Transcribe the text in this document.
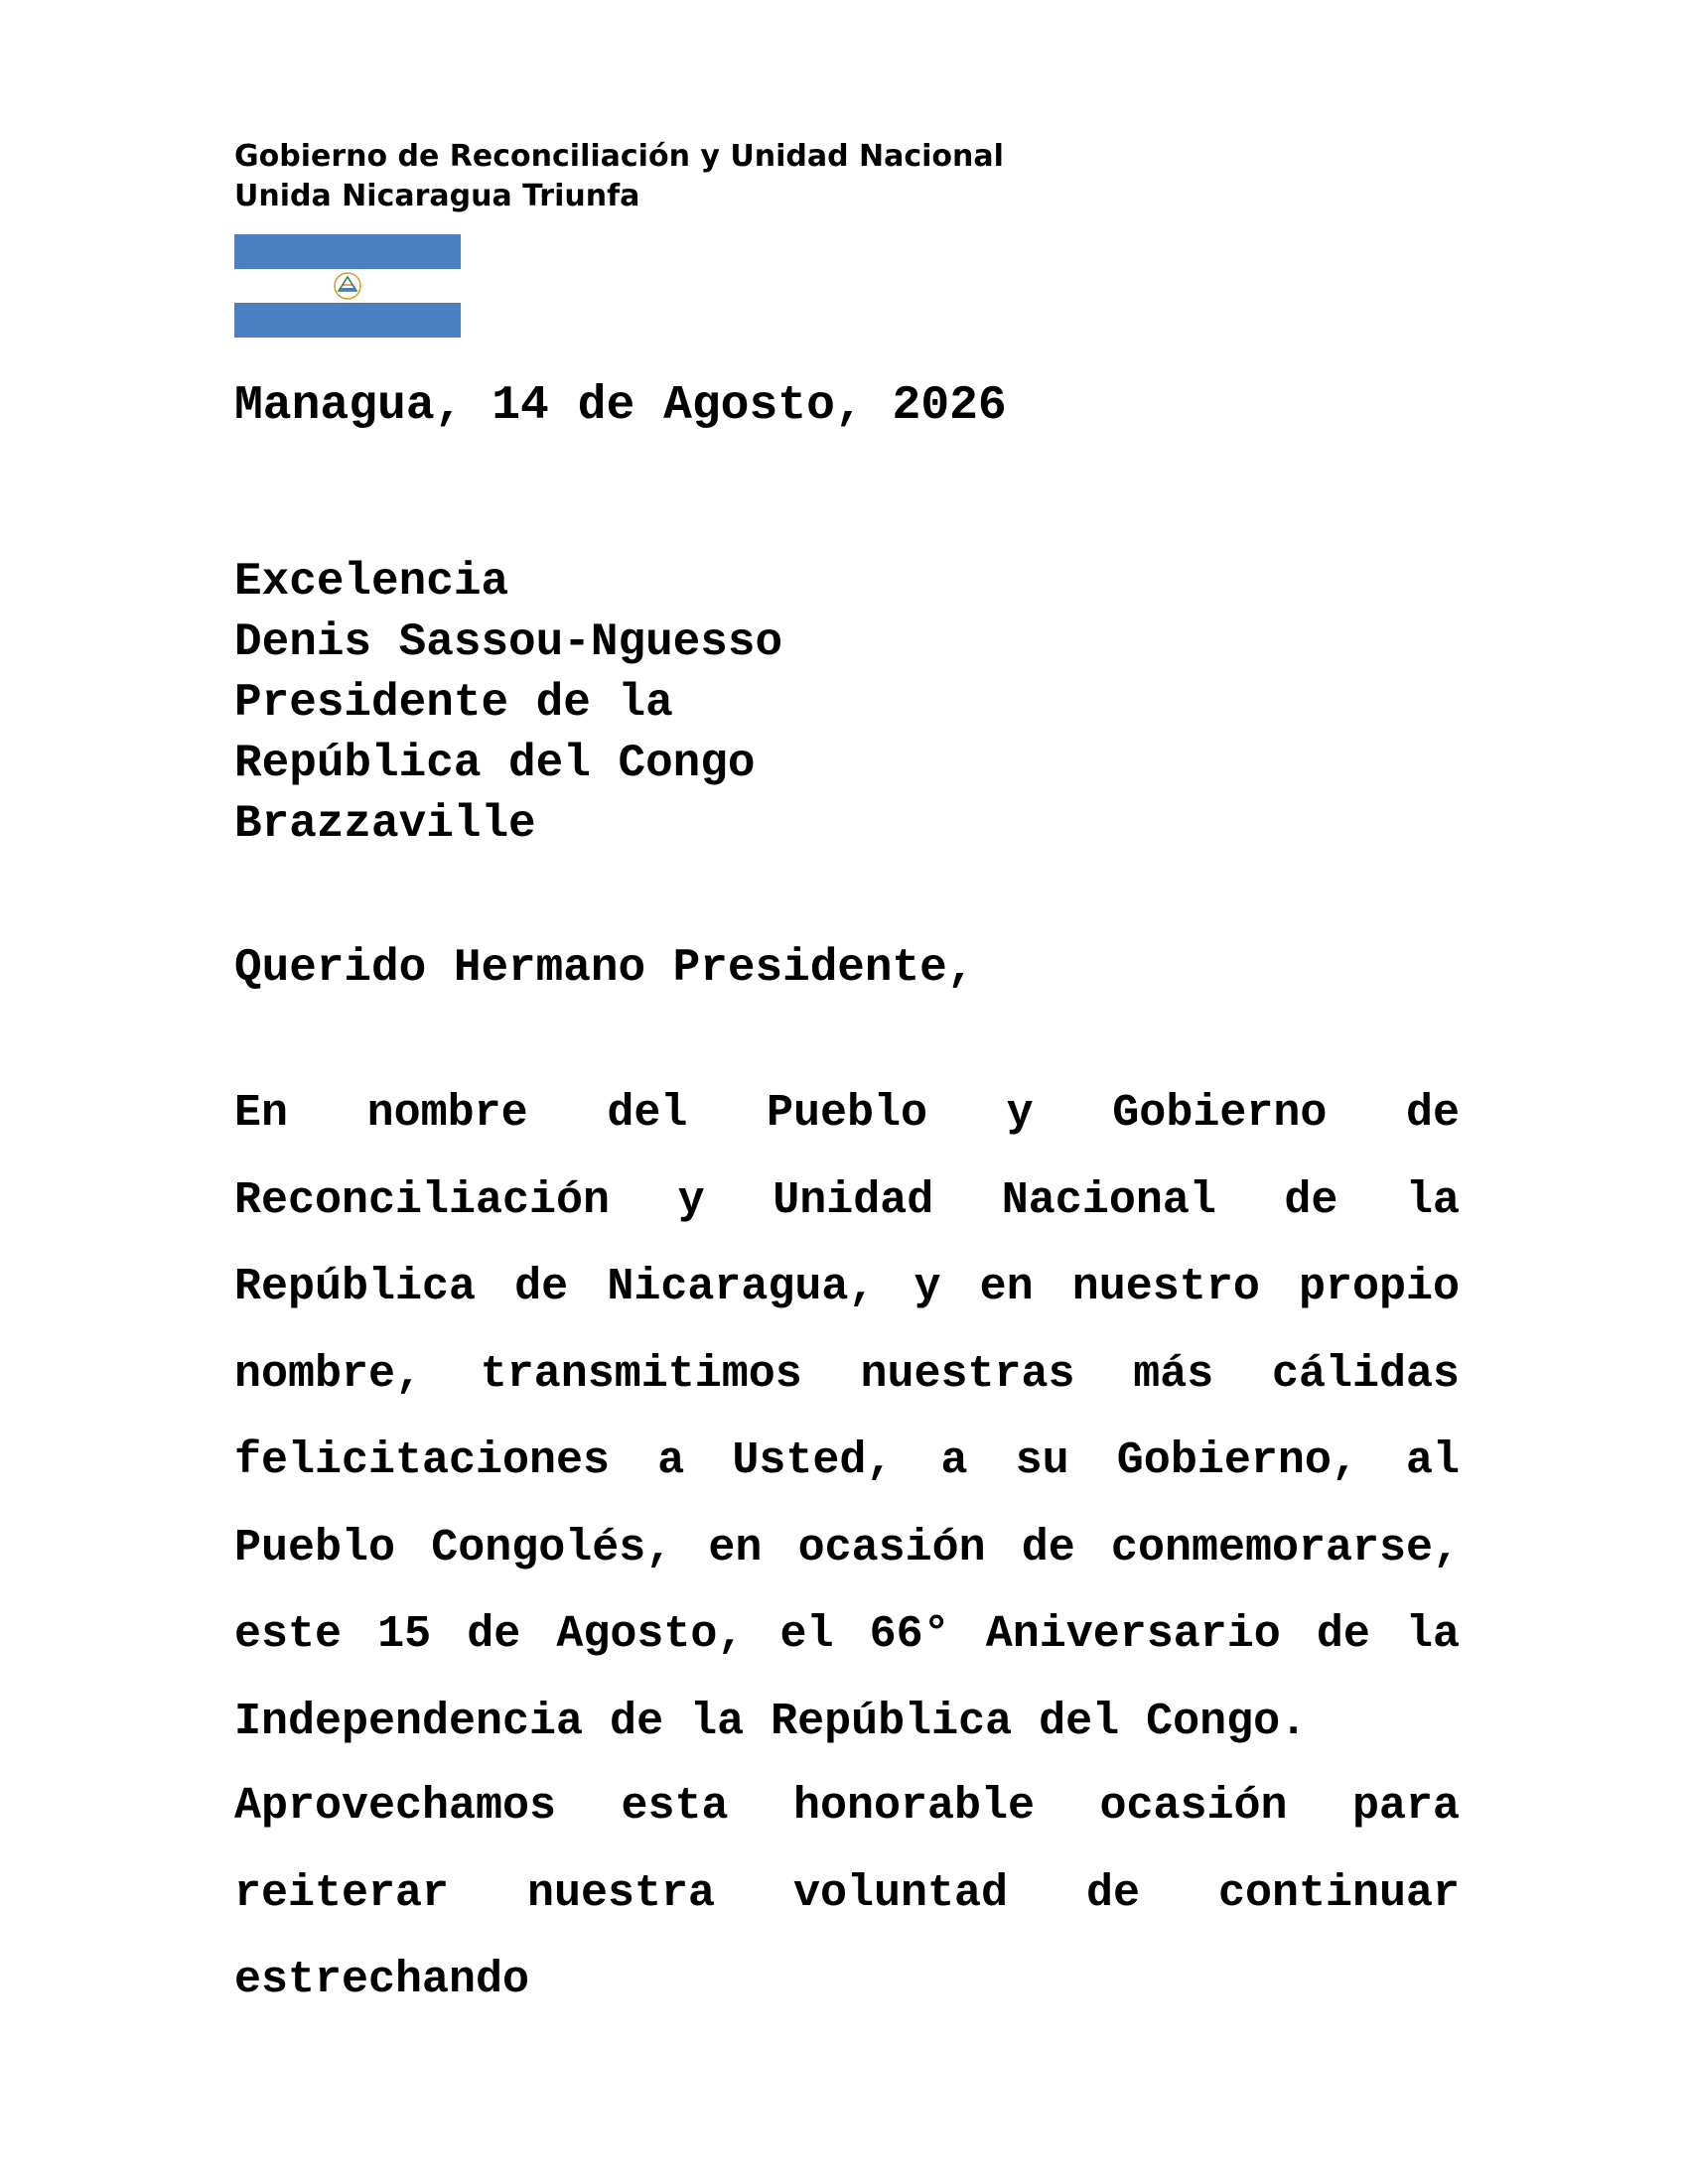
Gobierno de Reconciliación y Unidad Nacional
Unida Nicaragua Triunfa
Managua, 14 de Agosto, 2026
Excelencia
Denis Sassou-Nguesso
Presidente de la
República del Congo
Brazzaville
Querido Hermano Presidente,
En nombre del Pueblo y Gobierno de Reconciliación y Unidad Nacional de la República de Nicaragua, y en nuestro propio nombre, transmitimos nuestras más cálidas felicitaciones a Usted, a su Gobierno, al Pueblo Congolés, en ocasión de conmemorarse, este 15 de Agosto, el 66° Aniversario de la Independencia de la República del Congo.
Aprovechamos esta honorable ocasión para reiterar nuestra voluntad de continuar estrechando
